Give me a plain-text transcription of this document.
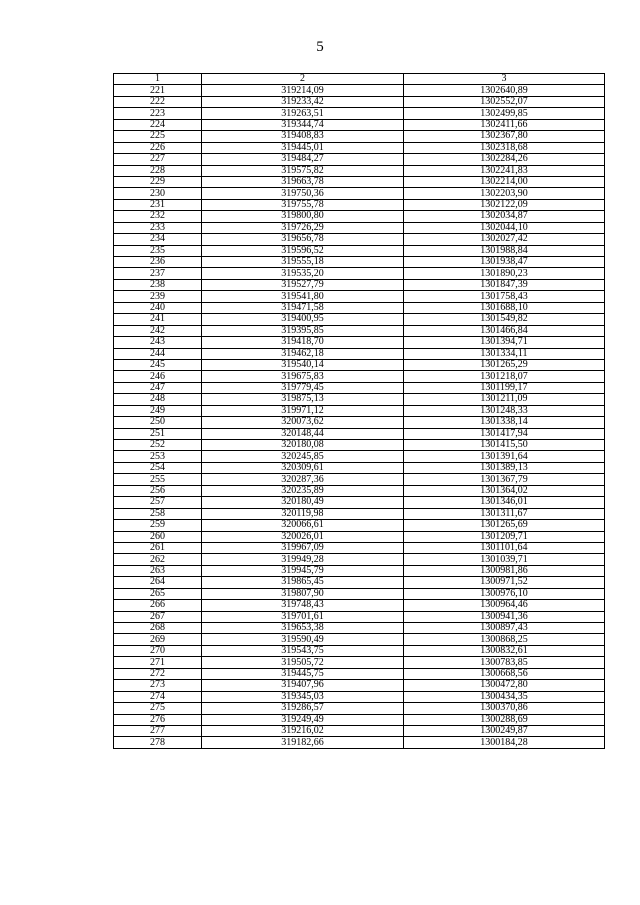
5
1	2	3
221	319214,09	1302640,89
222	319233,42	1302552,07
223	319263,51	1302499,85
224	319344,74	1302411,66
225	319408,83	1302367,80
226	319445,01	1302318,68
227	319484,27	1302284,26
228	319575,82	1302241,83
229	319663,78	1302214,00
230	319750,36	1302203,90
231	319755,78	1302122,09
232	319800,80	1302034,87
233	319726,29	1302044,10
234	319656,78	1302027,42
235	319596,52	1301988,84
236	319555,18	1301938,47
237	319535,20	1301890,23
238	319527,79	1301847,39
239	319541,80	1301758,43
240	319471,58	1301688,10
241	319400,95	1301549,82
242	319395,85	1301466,84
243	319418,70	1301394,71
244	319462,18	1301334,11
245	319540,14	1301265,29
246	319675,83	1301218,07
247	319779,45	1301199,17
248	319875,13	1301211,09
249	319971,12	1301248,33
250	320073,62	1301338,14
251	320148,44	1301417,94
252	320180,08	1301415,50
253	320245,85	1301391,64
254	320309,61	1301389,13
255	320287,36	1301367,79
256	320235,89	1301364,02
257	320180,49	1301346,01
258	320119,98	1301311,67
259	320066,61	1301265,69
260	320026,01	1301209,71
261	319967,09	1301101,64
262	319949,28	1301039,71
263	319945,79	1300981,86
264	319865,45	1300971,52
265	319807,90	1300976,10
266	319748,43	1300964,46
267	319701,61	1300941,36
268	319653,38	1300897,43
269	319590,49	1300868,25
270	319543,75	1300832,61
271	319505,72	1300783,85
272	319445,75	1300668,56
273	319407,96	1300472,80
274	319345,03	1300434,35
275	319286,57	1300370,86
276	319249,49	1300288,69
277	319216,02	1300249,87
278	319182,66	1300184,28
